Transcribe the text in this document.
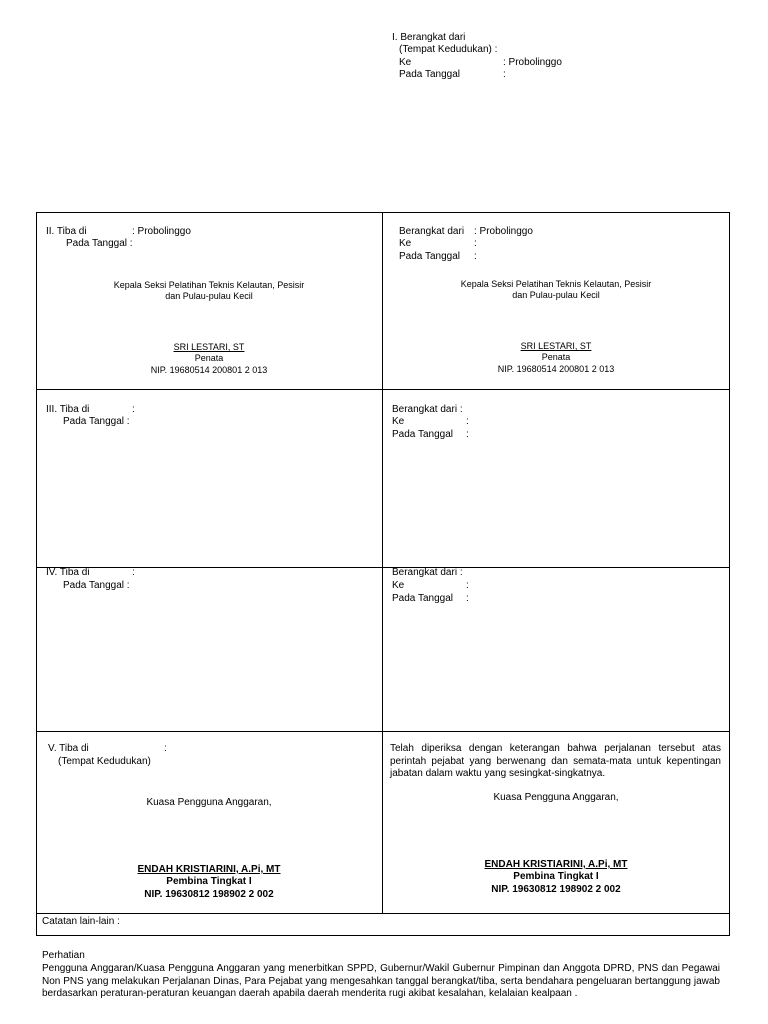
I. Berangkat dari
(Tempat Kedudukan) :
Ke	: Probolinggo
Pada Tanggal	:
II. Tiba di	: Probolinggo
Pada Tanggal :
Kepala Seksi Pelatihan Teknis Kelautan, Pesisir
dan Pulau-pulau Kecil
SRI LESTARI, ST
Penata
NIP. 19680514 200801 2 013
Berangkat dari : Probolinggo
Ke	:
Pada Tanggal :
Kepala Seksi Pelatihan Teknis Kelautan, Pesisir
dan Pulau-pulau Kecil
SRI LESTARI, ST
Penata
NIP. 19680514 200801 2 013
III. Tiba di	:
Pada Tanggal :
Berangkat dari :
Ke	:
Pada Tanggal :
IV. Tiba di	:
Pada Tanggal :
Berangkat dari :
Ke	:
Pada Tanggal :
V. Tiba di	:
(Tempat Kedudukan)
Kuasa Pengguna Anggaran,
ENDAH KRISTIARINI, A.Pi, MT
Pembina Tingkat I
NIP. 19630812 198902 2 002
Telah diperiksa dengan keterangan bahwa perjalanan tersebut atas perintah pejabat yang berwenang dan semata-mata untuk kepentingan jabatan dalam waktu yang sesingkat-singkatnya.
Kuasa Pengguna Anggaran,
ENDAH KRISTIARINI, A.Pi, MT
Pembina Tingkat I
NIP. 19630812 198902 2 002
Catatan lain-lain :
Perhatian
Pengguna Anggaran/Kuasa Pengguna Anggaran yang menerbitkan SPPD, Gubernur/Wakil Gubernur Pimpinan dan Anggota DPRD, PNS dan Pegawai Non PNS yang melakukan Perjalanan Dinas, Para Pejabat yang mengesahkan tanggal berangkat/tiba, serta bendahara pengeluaran bertanggung jawab berdasarkan peraturan-peraturan keuangan daerah apabila daerah menderita rugi akibat kesalahan, kelalaian kealpaan .
